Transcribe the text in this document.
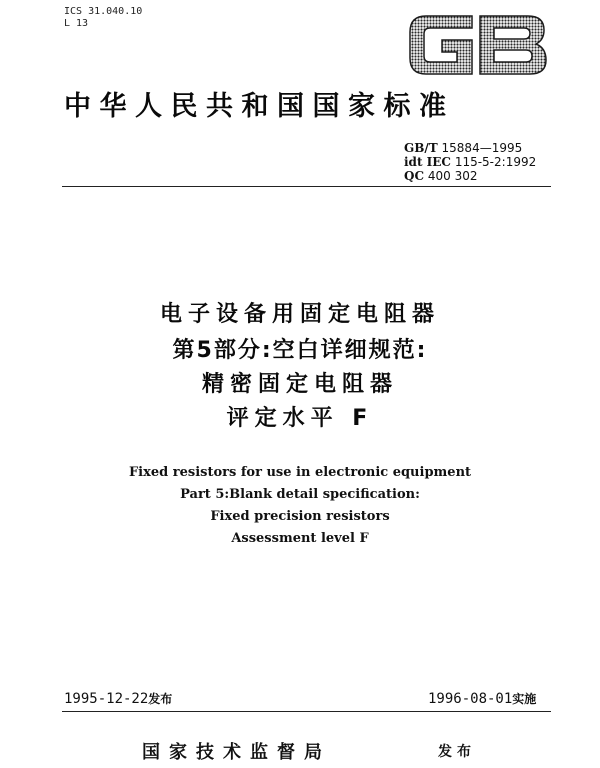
ICS 31.040.10
L 13
GB
中华人民共和国国家标准
GB/T 15884—1995
idt IEC 115-5-2:1992
QC 400 302
电子设备用固定电阻器
第5部分:空白详细规范:
精密固定电阻器
评定水平 F
Fixed resistors for use in electronic equipment
Part 5:Blank detail specification:
Fixed precision resistors
Assessment level F
1995-12-22发布	1996-08-01实施
国家技术监督局	发布
